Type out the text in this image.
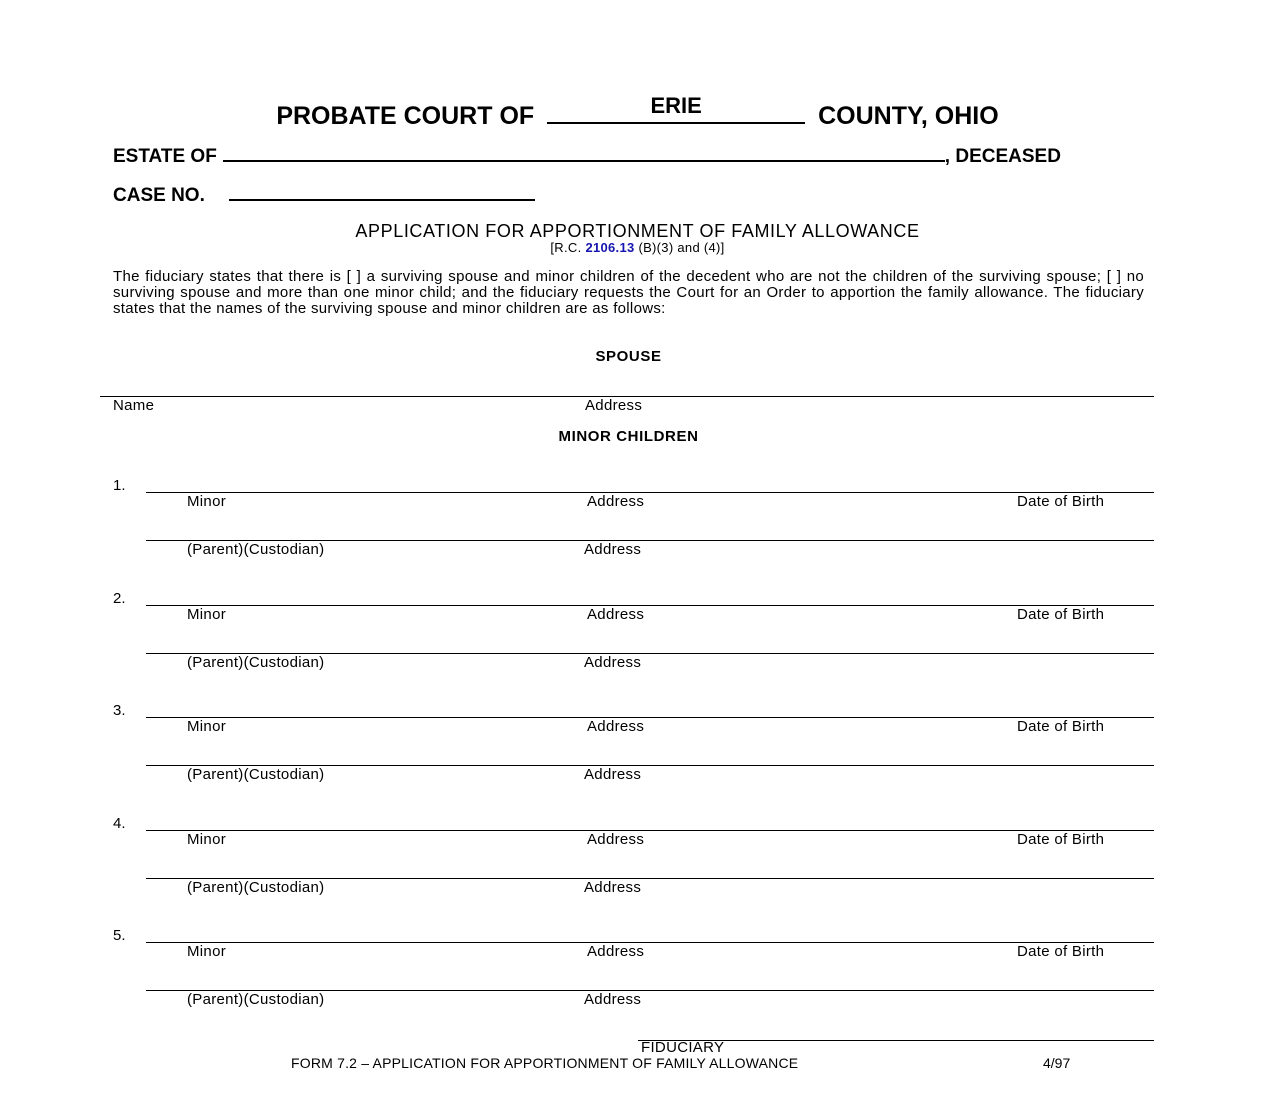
PROBATE COURT OF	ERIE	COUNTY, OHIO
ESTATE OF	, DECEASED
CASE NO.
APPLICATION FOR APPORTIONMENT OF FAMILY ALLOWANCE
[R.C. 2106.13 (B)(3) and (4)]
The fiduciary states that there is [ ] a surviving spouse and minor children of the decedent who are not the children of the surviving spouse; [ ] no surviving spouse and more than one minor child; and the fiduciary requests the Court for an Order to apportion the family allowance. The fiduciary states that the names of the surviving spouse and minor children are as follows:
SPOUSE
Name	Address
MINOR CHILDREN
1.
Minor	Address	Date of Birth
(Parent)(Custodian)	Address
2.
Minor	Address	Date of Birth
(Parent)(Custodian)	Address
3.
Minor	Address	Date of Birth
(Parent)(Custodian)	Address
4.
Minor	Address	Date of Birth
(Parent)(Custodian)	Address
5.
Minor	Address	Date of Birth
(Parent)(Custodian)	Address
FIDUCIARY
FORM 7.2 – APPLICATION FOR APPORTIONMENT OF FAMILY ALLOWANCE	4/97
